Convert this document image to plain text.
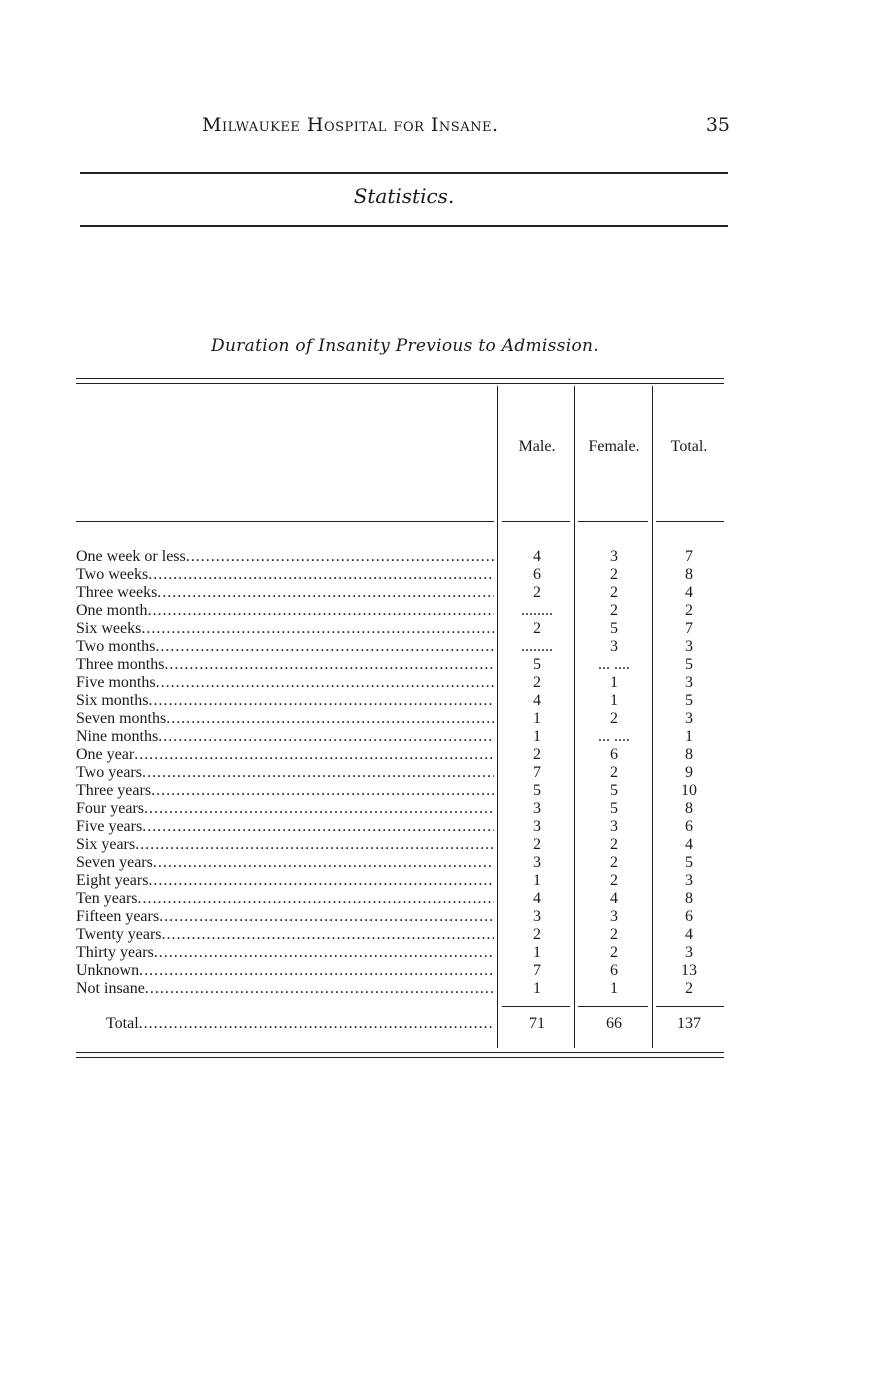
Milwaukee Hospital for Insane.	35
Statistics.
Duration of Insanity Previous to Admission.
Male.	Female.	Total.
One week or less .....	4	3	7
Two weeks .....	6	2	8
Three weeks .....	2	2	4
One month .....	........	2	2
Six weeks .....	2	5	7
Two months .....	........	3	3
Three months .....	5	... ....	5
Five months .....	2	1	3
Six months .....	4	1	5
Seven months .....	1	2	3
Nine months .....	1	... ....	1
One year .....	2	6	8
Two years .....	7	2	9
Three years .....	5	5	10
Four years .....	3	5	8
Five years .....	3	3	6
Six years .....	2	2	4
Seven years .....	3	2	5
Eight years .....	1	2	3
Ten years .....	4	4	8
Fifteen years .....	3	3	6
Twenty years .....	2	2	4
Thirty years .....	1	2	3
Unknown .....	7	6	13
Not insane .....	1	1	2
Total .....	71	66	137
